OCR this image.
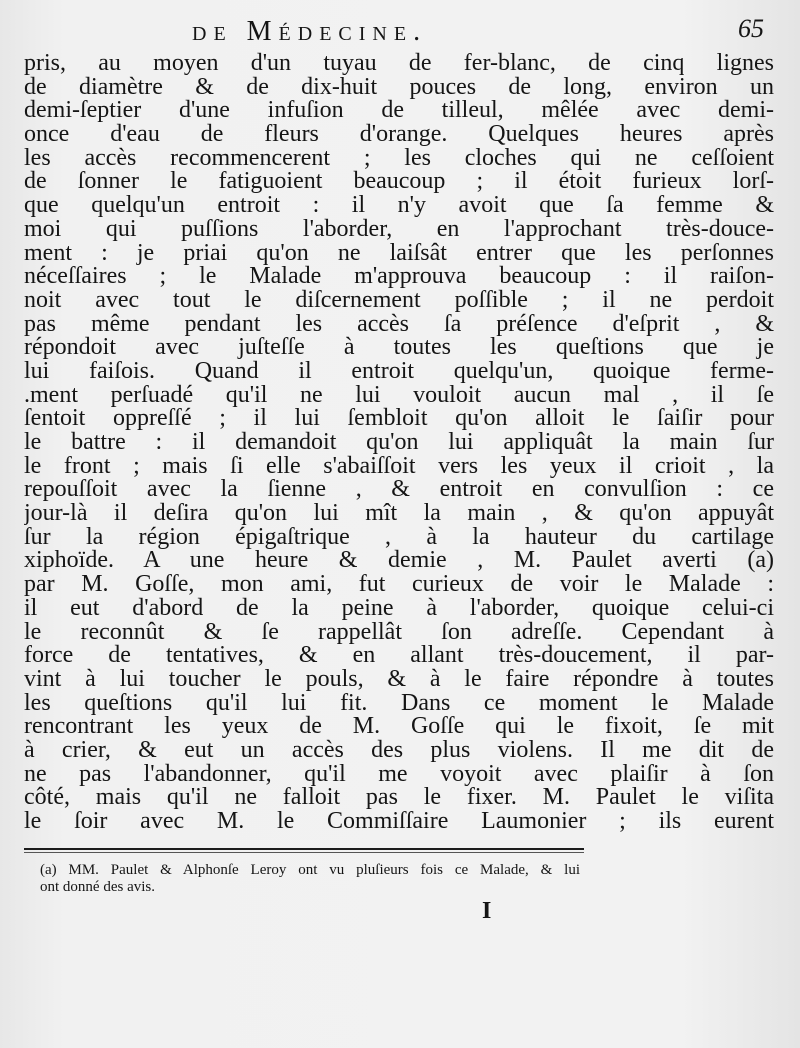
de Médecine.	65
pris, au moyen d'un tuyau de fer-blanc, de cinq lignes
de diamètre & de dix-huit pouces de long, environ un
demi-ſeptier d'une infuſion de tilleul, mêlée avec demi-
once d'eau de fleurs d'orange. Quelques heures après
les accès recommencerent ; les cloches qui ne ceſſoient
de ſonner le fatiguoient beaucoup ; il étoit furieux lorſ-
que quelqu'un entroit : il n'y avoit que ſa femme &
moi qui puſſions l'aborder, en l'approchant très-douce-
ment : je priai qu'on ne laiſsât entrer que les perſonnes
néceſſaires ; le Malade m'approuva beaucoup : il raiſon-
noit avec tout le diſcernement poſſible ; il ne perdoit
pas même pendant les accès ſa préſence d'eſprit , &
répondoit avec juſteſſe à toutes les queſtions que je
lui faiſois. Quand il entroit quelqu'un, quoique ferme-
.ment perſuadé qu'il ne lui vouloit aucun mal , il ſe
ſentoit oppreſſé ; il lui ſembloit qu'on alloit le ſaiſir pour
le battre : il demandoit qu'on lui appliquât la main ſur
le front ; mais ſi elle s'abaiſſoit vers les yeux il crioit , la
repouſſoit avec la ſienne , & entroit en convulſion : ce
jour-là il deſira qu'on lui mît la main , & qu'on appuyât
ſur la région épigaſtrique , à la hauteur du cartilage
xiphoïde. A une heure & demie , M. Paulet averti (a)
par M. Goſſe, mon ami, fut curieux de voir le Malade :
il eut d'abord de la peine à l'aborder, quoique celui-ci
le reconnût & ſe rappellât ſon adreſſe. Cependant à
force de tentatives, & en allant très-doucement, il par-
vint à lui toucher le pouls, & à le faire répondre à toutes
les queſtions qu'il lui fit. Dans ce moment le Malade
rencontrant les yeux de M. Goſſe qui le fixoit, ſe mit
à crier, & eut un accès des plus violens. Il me dit de
ne pas l'abandonner, qu'il me voyoit avec plaiſir à ſon
côté, mais qu'il ne falloit pas le fixer. M. Paulet le viſita
le ſoir avec M. le Commiſſaire Laumonier ; ils eurent
(a) MM. Paulet & Alphonſe Leroy ont vu pluſieurs fois ce Malade, & lui
ont donné des avis.
I
